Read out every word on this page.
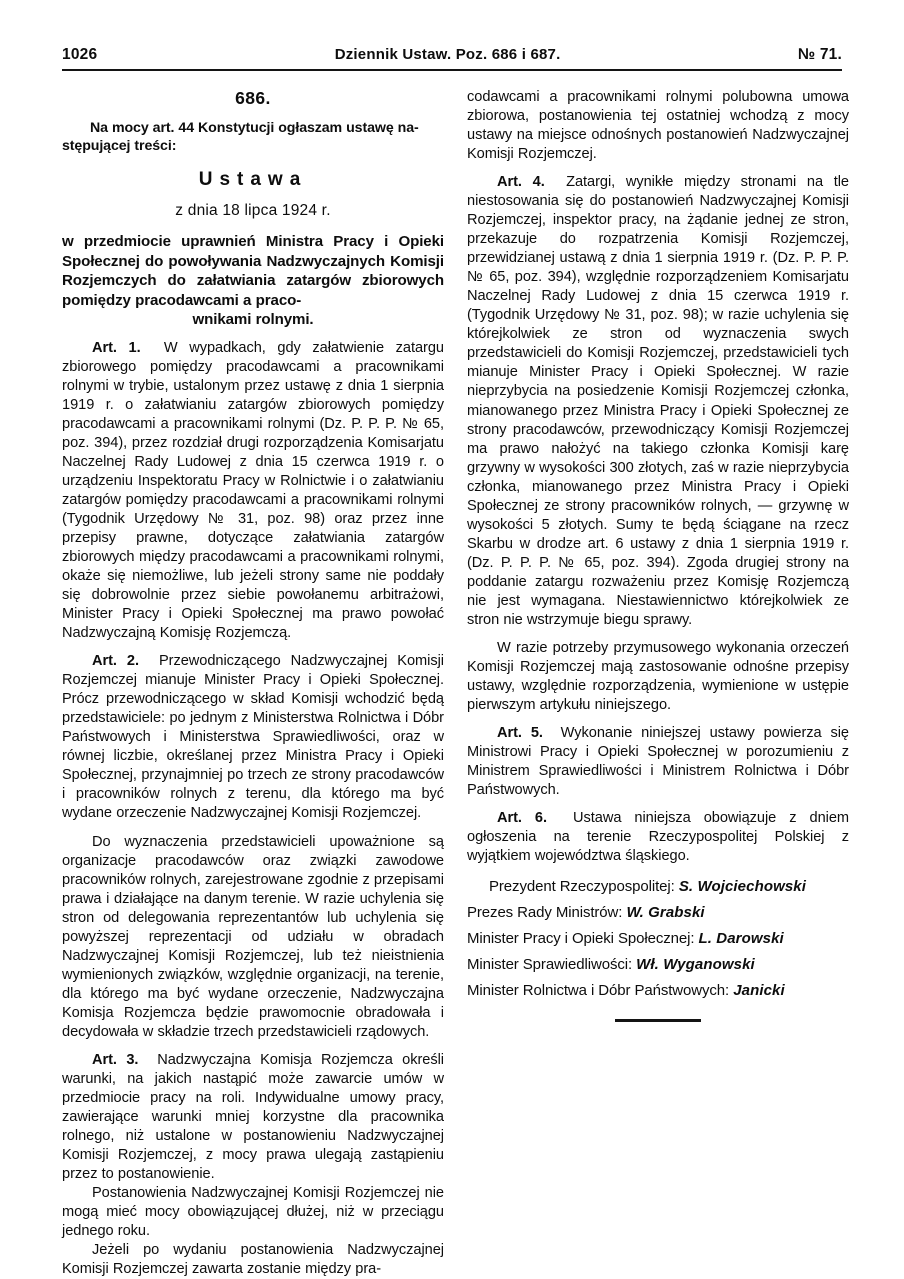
1026	Dziennik Ustaw. Poz. 686 i 687.	№ 71.
686.

Na mocy art. 44 Konstytucji ogłaszam ustawę na-
stępującej treści:

Ustawa
z dnia 18 lipca 1924 r.

w przedmiocie uprawnień Ministra Pracy i Opieki Społecznej do powoływania Nadzwyczajnych Komisji Rozjemczych do załatwiania zatargów zbiorowych pomiędzy pracodawcami a praco-
wnikami rolnymi.

Art. 1. W wypadkach, gdy załatwienie zatargu zbiorowego pomiędzy pracodawcami a pracownikami rolnymi w trybie, ustalonym przez ustawę z dnia 1 sierpnia 1919 r. o załatwianiu zatargów zbiorowych pomiędzy pracodawcami a pracownikami rolnymi (Dz. P. P. P. № 65, poz. 394), przez rozdział drugi rozporządzenia Komisarjatu Naczelnej Rady Ludowej z dnia 15 czerwca 1919 r. o urządzeniu Inspektoratu Pracy w Rolnictwie i o załatwianiu zatargów pomiędzy pracodawcami a pracownikami rolnymi (Tygodnik Urzędowy № 31, poz. 98) oraz przez inne przepisy prawne, dotyczące załatwiania zatargów zbiorowych między pracodawcami a pracownikami rolnymi, okaże się niemożliwe, lub jeżeli strony same nie poddały się dobrowolnie przez siebie powołanemu arbitrażowi, Minister Pracy i Opieki Społecznej ma prawo powołać Nadzwyczajną Komisję Rozjemczą.

Art. 2. Przewodniczącego Nadzwyczajnej Komisji Rozjemczej mianuje Minister Pracy i Opieki Społecznej. Prócz przewodniczącego w skład Komisji wchodzić będą przedstawiciele: po jednym z Ministerstwa Rolnictwa i Dóbr Państwowych i Ministerstwa Sprawiedliwości, oraz w równej liczbie, określanej przez Ministra Pracy i Opieki Społecznej, przynajmniej po trzech ze strony pracodawców i pracowników rolnych z terenu, dla którego ma być wydane orzeczenie Nadzwyczajnej Komisji Rozjemczej.

Do wyznaczenia przedstawicieli upoważnione są organizacje pracodawców oraz związki zawodowe pracowników rolnych, zarejestrowane zgodnie z przepisami prawa i działające na danym terenie. W razie uchylenia się stron od delegowania reprezentantów lub uchylenia się powyższej reprezentacji od udziału w obradach Nadzwyczajnej Komisji Rozjemczej, lub też nieistnienia wymienionych związków, względnie organizacji, na terenie, dla którego ma być wydane orzeczenie, Nadzwyczajna Komisja Rozjemcza będzie prawomocnie obradowała i decydowała w składzie trzech przedstawicieli rządowych.

Art. 3. Nadzwyczajna Komisja Rozjemcza określi warunki, na jakich nastąpić może zawarcie umów w przedmiocie pracy na roli. Indywidualne umowy pracy, zawierające warunki mniej korzystne dla pracownika rolnego, niż ustalone w postanowieniu Nadzwyczajnej Komisji Rozjemczej, z mocy prawa ulegają zastąpieniu przez to postanowienie.

Postanowienia Nadzwyczajnej Komisji Rozjemczej nie mogą mieć mocy obowiązującej dłużej, niż w przeciągu jednego roku.

Jeżeli po wydaniu postanowienia Nadzwyczajnej Komisji Rozjemczej zawarta zostanie między pra-

codawcami a pracownikami rolnymi polubowna umowa zbiorowa, postanowienia tej ostatniej wchodzą z mocy ustawy na miejsce odnośnych postanowień Nadzwyczajnej Komisji Rozjemczej.

Art. 4. Zatargi, wynikłe między stronami na tle niestosowania się do postanowień Nadzwyczajnej Komisji Rozjemczej, inspektor pracy, na żądanie jednej ze stron, przekazuje do rozpatrzenia Komisji Rozjemczej, przewidzianej ustawą z dnia 1 sierpnia 1919 r. (Dz. P. P. P. № 65, poz. 394), względnie rozporządzeniem Komisarjatu Naczelnej Rady Ludowej z dnia 15 czerwca 1919 r. (Tygodnik Urzędowy № 31, poz. 98); w razie uchylenia się którejkolwiek ze stron od wyznaczenia swych przedstawicieli do Komisji Rozjemczej, przedstawicieli tych mianuje Minister Pracy i Opieki Społecznej. W razie nieprzybycia na posiedzenie Komisji Rozjemczej członka, mianowanego przez Ministra Pracy i Opieki Społecznej ze strony pracodawców, przewodniczący Komisji Rozjemczej ma prawo nałożyć na takiego członka Komisji karę grzywny w wysokości 300 złotych, zaś w razie nieprzybycia członka, mianowanego przez Ministra Pracy i Opieki Społecznej ze strony pracowników rolnych, — grzywnę w wysokości 5 złotych. Sumy te będą ściągane na rzecz Skarbu w drodze art. 6 ustawy z dnia 1 sierpnia 1919 r. (Dz. P. P. P. № 65, poz. 394). Zgoda drugiej strony na poddanie zatargu rozważeniu przez Komisję Rozjemczą nie jest wymagana. Niestawiennictwo którejkolwiek ze stron nie wstrzymuje biegu sprawy.

W razie potrzeby przymusowego wykonania orzeczeń Komisji Rozjemczej mają zastosowanie odnośne przepisy ustawy, względnie rozporządzenia, wymienione w ustępie pierwszym artykułu niniejszego.

Art. 5. Wykonanie niniejszej ustawy powierza się Ministrowi Pracy i Opieki Społecznej w porozumieniu z Ministrem Sprawiedliwości i Ministrem Rolnictwa i Dóbr Państwowych.

Art. 6. Ustawa niniejsza obowiązuje z dniem ogłoszenia na terenie Rzeczypospolitej Polskiej z wyjątkiem województwa śląskiego.

Prezydent Rzeczypospolitej: S. Wojciechowski
Prezes Rady Ministrów: W. Grabski
Minister Pracy i Opieki Społecznej: L. Darowski
Minister Sprawiedliwości: Wł. Wyganowski
Minister Rolnictwa i Dóbr Państwowych: Janicki
